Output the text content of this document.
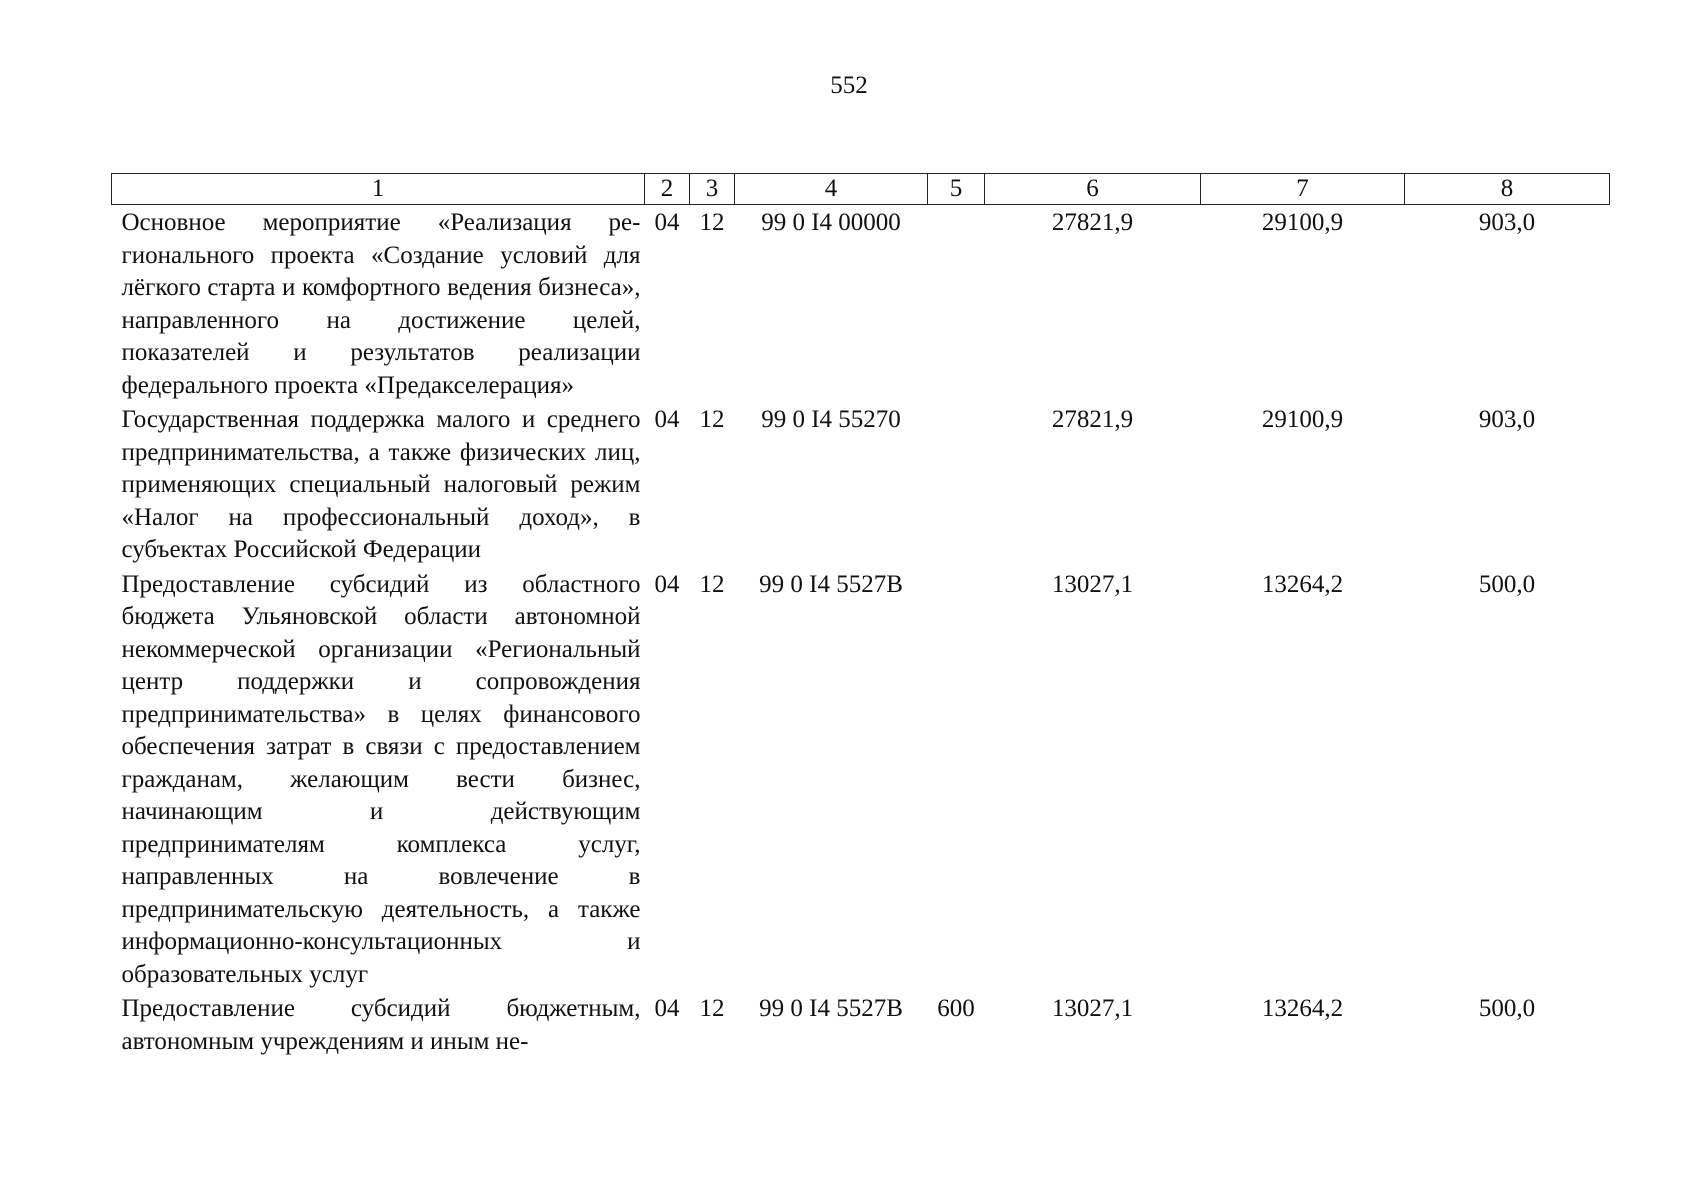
552
1	2	3	4	5	6	7	8
Основное мероприятие «Реализация регионального проекта «Создание условий для лёгкого старта и комфортного ведения бизнеса», направленного на достижение целей, показателей и результатов реализации федерального проекта «Предакселерация»	04	12	99 0 I4 00000		27821,9	29100,9	903,0
Государственная поддержка малого и среднего предпринимательства, а также физических лиц, применяющих специальный налоговый режим «Налог на профессиональный доход», в субъектах Российской Федерации	04	12	99 0 I4 55270		27821,9	29100,9	903,0
Предоставление субсидий из областного бюджета Ульяновской области автономной некоммерческой организации «Региональный центр поддержки и сопровождения предпринимательства» в целях финансового обеспечения затрат в связи с предоставлением гражданам, желающим вести бизнес, начинающим и действующим предпринимателям комплекса услуг, направленных на вовлечение в предпринимательскую деятельность, а также информационно-консультационных и образовательных услуг	04	12	99 0 I4 5527В		13027,1	13264,2	500,0
Предоставление субсидий бюджетным, автономным учреждениям и иным не-	04	12	99 0 I4 5527В	600	13027,1	13264,2	500,0
